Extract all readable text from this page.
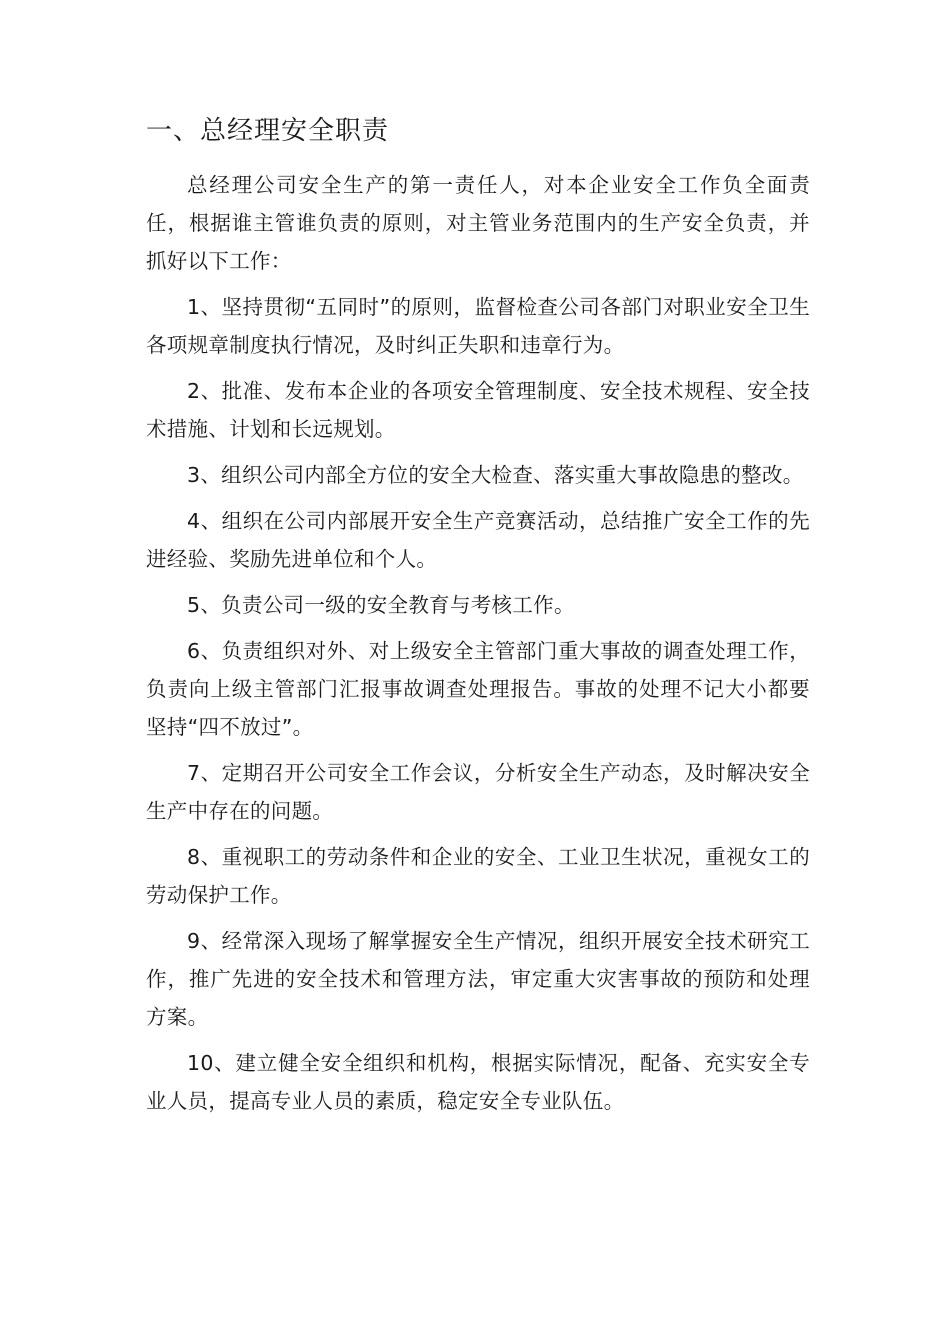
一、总经理安全职责

总经理公司安全生产的第一责任人，对本企业安全工作负全面责任，根据谁主管谁负责的原则，对主管业务范围内的生产安全负责，并抓好以下工作：

1、坚持贯彻“五同时”的原则，监督检查公司各部门对职业安全卫生各项规章制度执行情况，及时纠正失职和违章行为。

2、批准、发布本企业的各项安全管理制度、安全技术规程、安全技术措施、计划和长远规划。

3、组织公司内部全方位的安全大检查、落实重大事故隐患的整改。

4、组织在公司内部展开安全生产竞赛活动，总结推广安全工作的先进经验、奖励先进单位和个人。

5、负责公司一级的安全教育与考核工作。

6、负责组织对外、对上级安全主管部门重大事故的调查处理工作，负责向上级主管部门汇报事故调查处理报告。事故的处理不记大小都要坚持“四不放过”。

7、定期召开公司安全工作会议，分析安全生产动态，及时解决安全生产中存在的问题。

8、重视职工的劳动条件和企业的安全、工业卫生状况，重视女工的劳动保护工作。

9、经常深入现场了解掌握安全生产情况，组织开展安全技术研究工作，推广先进的安全技术和管理方法，审定重大灾害事故的预防和处理方案。

10、建立健全安全组织和机构，根据实际情况，配备、充实安全专业人员，提高专业人员的素质，稳定安全专业队伍。
